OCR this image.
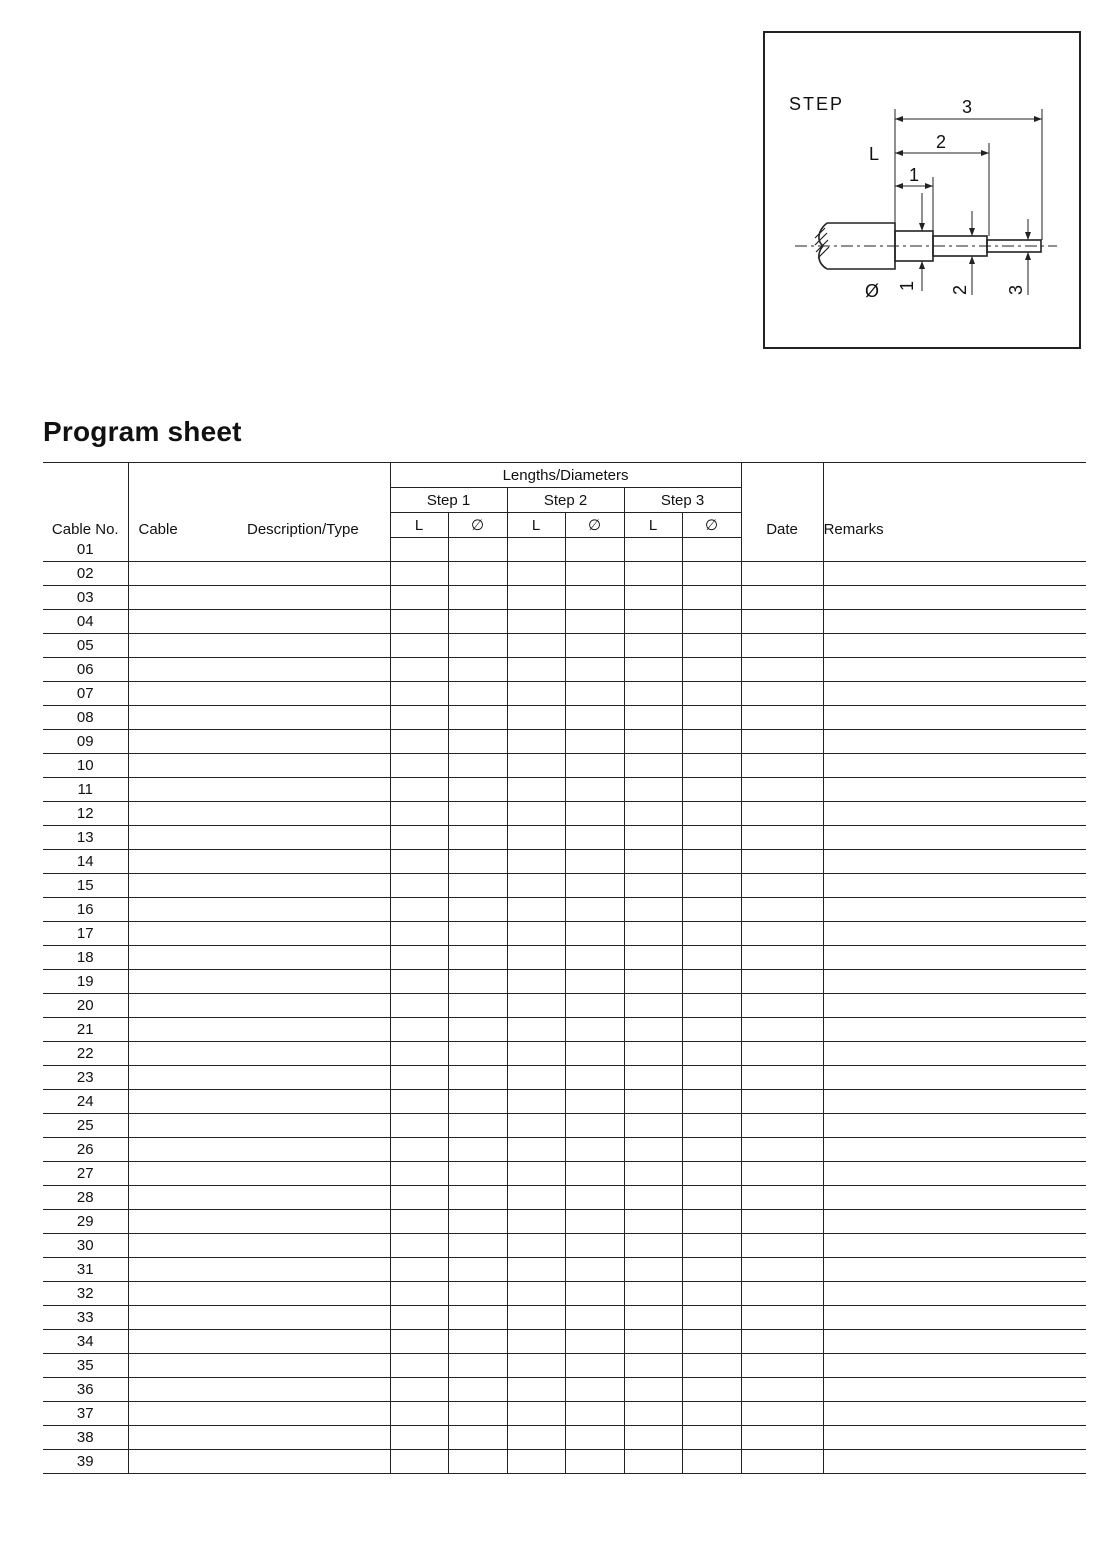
STEP
L
3
2
1
Ø 1 2 3
Program sheet
Cable No.	Cable	Description/Type	Lengths/Diameters						Date	Remarks
			Step 1		Step 2		Step 3			
			L	∅	L	∅	L	∅		
01										
02										
03										
04										
05										
06										
07										
08										
09										
10										
11										
12										
13										
14										
15										
16										
17										
18										
19										
20										
21										
22										
23										
24										
25										
26										
27										
28										
29										
30										
31										
32										
33										
34										
35										
36										
37										
38										
39										
